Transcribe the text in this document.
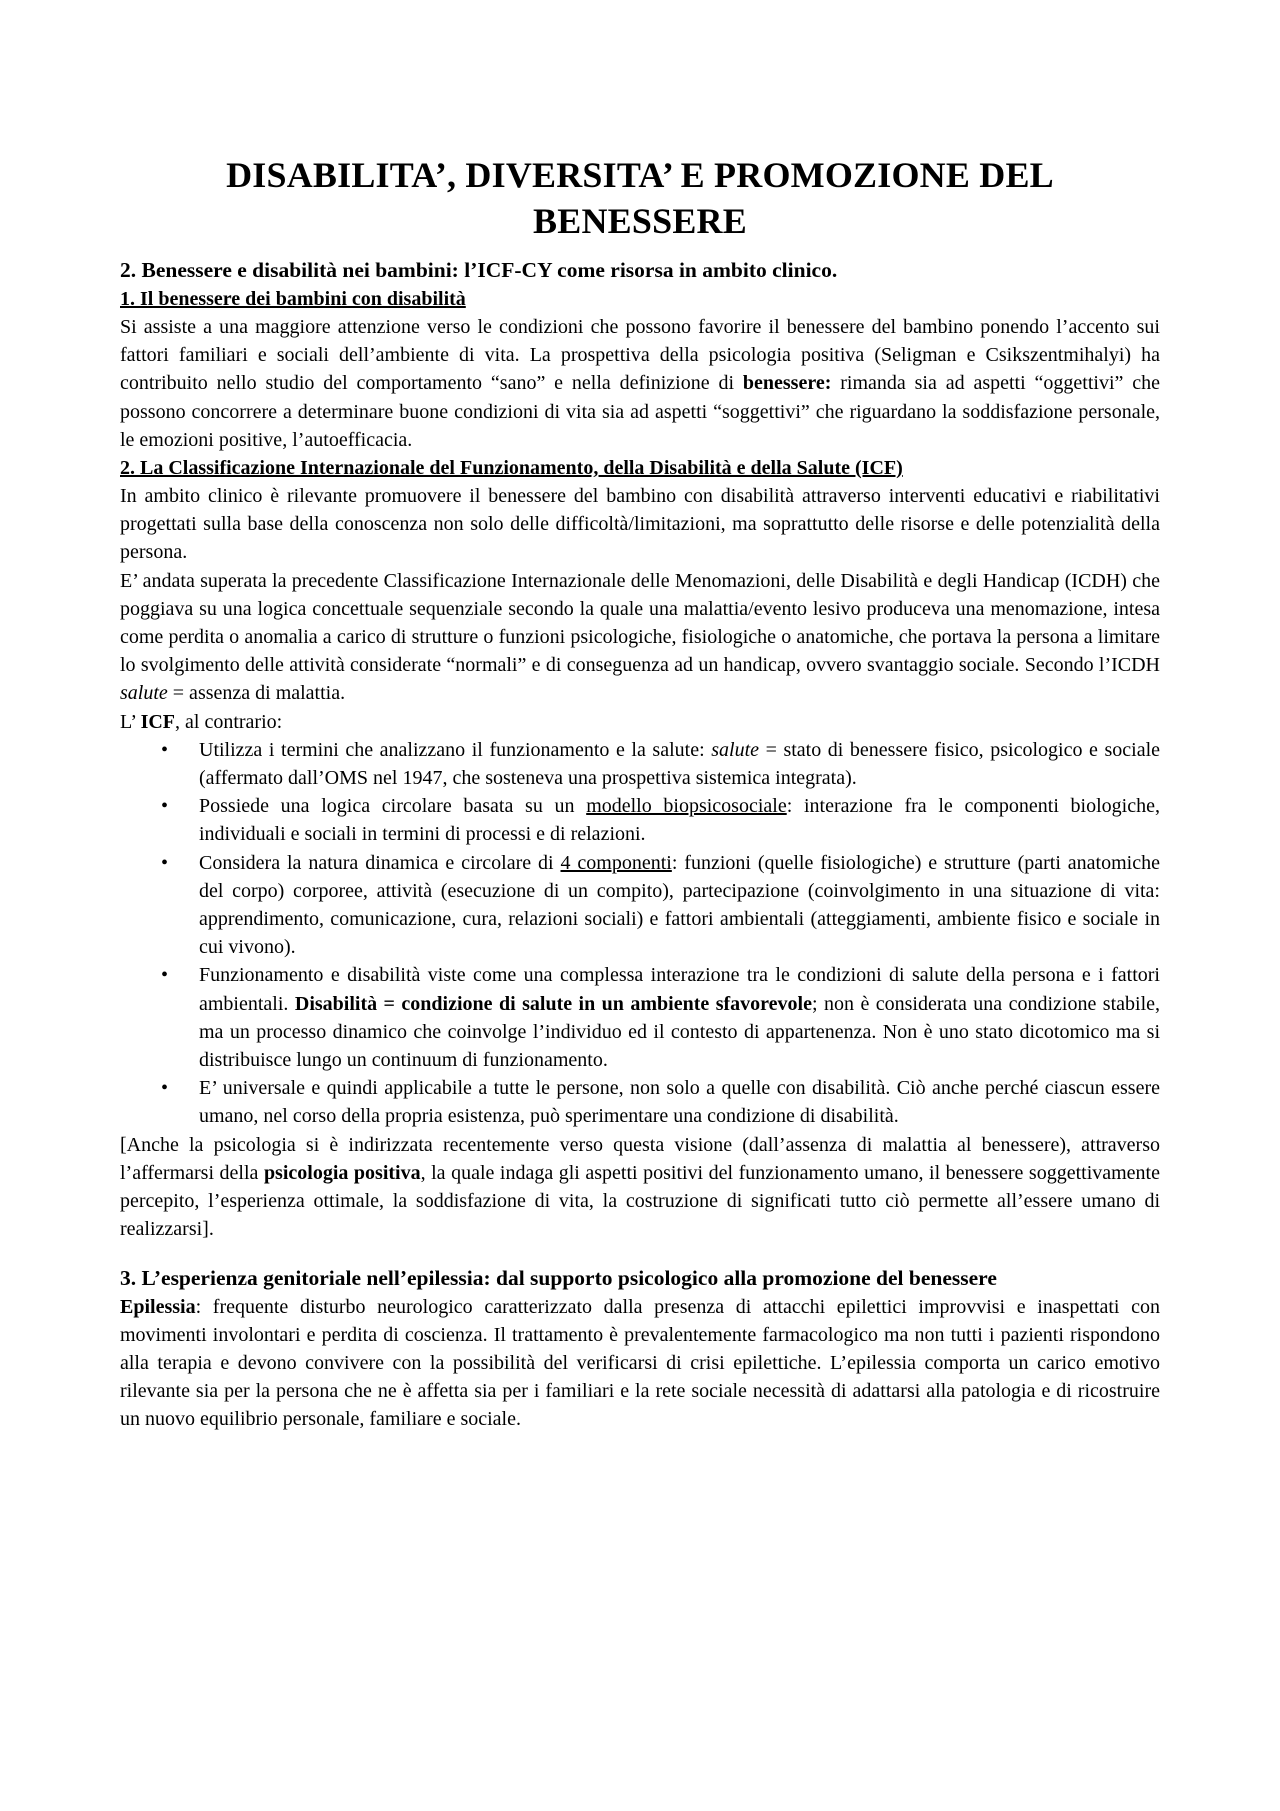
DISABILITA’, DIVERSITA’ E PROMOZIONE DEL BENESSERE
2. Benessere e disabilità nei bambini: l’ICF-CY come risorsa in ambito clinico.
1. Il benessere dei bambini con disabilità

Si assiste a una maggiore attenzione verso le condizioni che possono favorire il benessere del bambino ponendo l’accento sui fattori familiari e sociali dell’ambiente di vita. La prospettiva della psicologia positiva (Seligman e Csikszentmihalyi) ha contribuito nello studio del comportamento “sano” e nella definizione di benessere: rimanda sia ad aspetti “oggettivi” che possono concorrere a determinare buone condizioni di vita sia ad aspetti “soggettivi” che riguardano la soddisfazione personale, le emozioni positive, l’autoefficacia.

2. La Classificazione Internazionale del Funzionamento, della Disabilità e della Salute (ICF)

In ambito clinico è rilevante promuovere il benessere del bambino con disabilità attraverso interventi educativi e riabilitativi progettati sulla base della conoscenza non solo delle difficoltà/limitazioni, ma soprattutto delle risorse e delle potenzialità della persona.

E’ andata superata la precedente Classificazione Internazionale delle Menomazioni, delle Disabilità e degli Handicap (ICDH) che poggiava su una logica concettuale sequenziale secondo la quale una malattia/evento lesivo produceva una menomazione, intesa come perdita o anomalia a carico di strutture o funzioni psicologiche, fisiologiche o anatomiche, che portava la persona a limitare lo svolgimento delle attività considerate “normali” e di conseguenza ad un handicap, ovvero svantaggio sociale. Secondo l’ICDH salute = assenza di malattia.

L’ ICF, al contrario:

• Utilizza i termini che analizzano il funzionamento e la salute: salute = stato di benessere fisico, psicologico e sociale (affermato dall’OMS nel 1947, che sosteneva una prospettiva sistemica integrata).
• Possiede una logica circolare basata su un modello biopsicosociale: interazione fra le componenti biologiche, individuali e sociali in termini di processi e di relazioni.
• Considera la natura dinamica e circolare di 4 componenti: funzioni (quelle fisiologiche) e strutture (parti anatomiche del corpo) corporee, attività (esecuzione di un compito), partecipazione (coinvolgimento in una situazione di vita: apprendimento, comunicazione, cura, relazioni sociali) e fattori ambientali (atteggiamenti, ambiente fisico e sociale in cui vivono).
• Funzionamento e disabilità viste come una complessa interazione tra le condizioni di salute della persona e i fattori ambientali. Disabilità = condizione di salute in un ambiente sfavorevole; non è considerata una condizione stabile, ma un processo dinamico che coinvolge l’individuo ed il contesto di appartenenza. Non è uno stato dicotomico ma si distribuisce lungo un continuum di funzionamento.
• E’ universale e quindi applicabile a tutte le persone, non solo a quelle con disabilità. Ciò anche perché ciascun essere umano, nel corso della propria esistenza, può sperimentare una condizione di disabilità.

[Anche la psicologia si è indirizzata recentemente verso questa visione (dall’assenza di malattia al benessere), attraverso l’affermarsi della psicologia positiva, la quale indaga gli aspetti positivi del funzionamento umano, il benessere soggettivamente percepito, l’esperienza ottimale, la soddisfazione di vita, la costruzione di significati tutto ciò permette all’essere umano di realizzarsi].

3. L’esperienza genitoriale nell’epilessia: dal supporto psicologico alla promozione del benessere

Epilessia: frequente disturbo neurologico caratterizzato dalla presenza di attacchi epilettici improvvisi e inaspettati con movimenti involontari e perdita di coscienza. Il trattamento è prevalentemente farmacologico ma non tutti i pazienti rispondono alla terapia e devono convivere con la possibilità del verificarsi di crisi epilettiche. L’epilessia comporta un carico emotivo rilevante sia per la persona che ne è affetta sia per i familiari e la rete sociale necessità di adattarsi alla patologia e di ricostruire un nuovo equilibrio personale, familiare e sociale.
